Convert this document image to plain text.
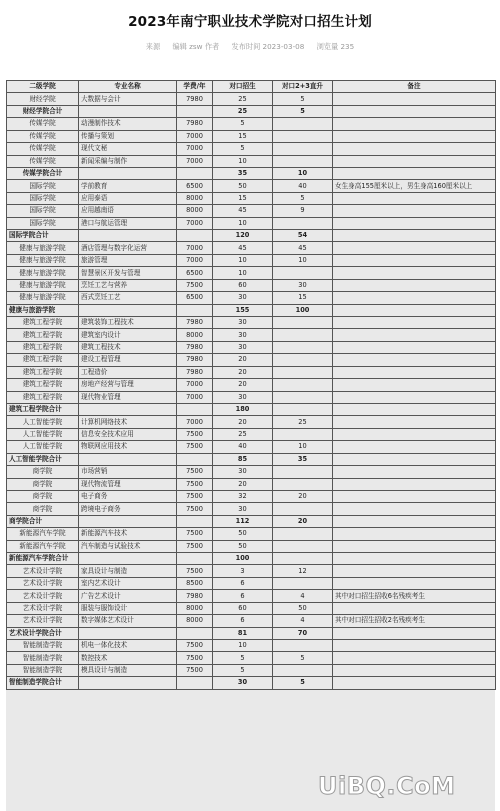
2023年南宁职业技术学院对口招生计划
来源 编辑 zsw 作者 发布时间 2023-03-08 浏览量 235
二级学院	专业名称	学费/年	对口招生	对口2+3直升	备注
财经学院	大数据与会计	7980	25	5	
财经学院合计			25	5	
传媒学院	动漫制作技术	7980	5		
传媒学院	传播与策划	7000	15		
传媒学院	现代文秘	7000	5		
传媒学院	新闻采编与制作	7000	10		
传媒学院合计			35	10	
国际学院	学前教育	6500	50	40	女生身高155厘米以上，男生身高160厘米以上
国际学院	应用泰语	8000	15	5	
国际学院	应用越南语	8000	45	9	
国际学院	港口与航运管理	7000	10		
国际学院合计			120	54	
健康与旅游学院	酒店管理与数字化运营	7000	45	45	
健康与旅游学院	旅游管理	7000	10	10	
健康与旅游学院	智慧景区开发与管理	6500	10		
健康与旅游学院	烹饪工艺与营养	7500	60	30	
健康与旅游学院	西式烹饪工艺	6500	30	15	
健康与旅游学院			155	100	
建筑工程学院	建筑装饰工程技术	7980	30		
建筑工程学院	建筑室内设计	8000	30		
建筑工程学院	建筑工程技术	7980	30		
建筑工程学院	建设工程管理	7980	20		
建筑工程学院	工程造价	7980	20		
建筑工程学院	房地产经营与管理	7000	20		
建筑工程学院	现代物业管理	7000	30		
建筑工程学院合计			180		
人工智能学院	计算机网络技术	7000	20	25	
人工智能学院	信息安全技术应用	7500	25		
人工智能学院	物联网应用技术	7500	40	10	
人工智能学院合计			85	35	
商学院	市场营销	7500	30		
商学院	现代物流管理	7500	20		
商学院	电子商务	7500	32	20	
商学院	跨境电子商务	7500	30		
商学院合计			112	20	
新能源汽车学院	新能源汽车技术	7500	50		
新能源汽车学院	汽车制造与试验技术	7500	50		
新能源汽车学院合计			100		
艺术设计学院	家具设计与制造	7500	3	12	
艺术设计学院	室内艺术设计	8500	6		
艺术设计学院	广告艺术设计	7980	6	4	其中对口招生招收6名残疾考生
艺术设计学院	服装与服饰设计	8000	60	50	
艺术设计学院	数字媒体艺术设计	8000	6	4	其中对口招生招收2名残疾考生
艺术设计学院合计			81	70	
智能制造学院	机电一体化技术	7500	10		
智能制造学院	数控技术	7500	5	5	
智能制造学院	模具设计与制造	7500	5		
智能制造学院合计			30	5	
UiBQ.CoM
